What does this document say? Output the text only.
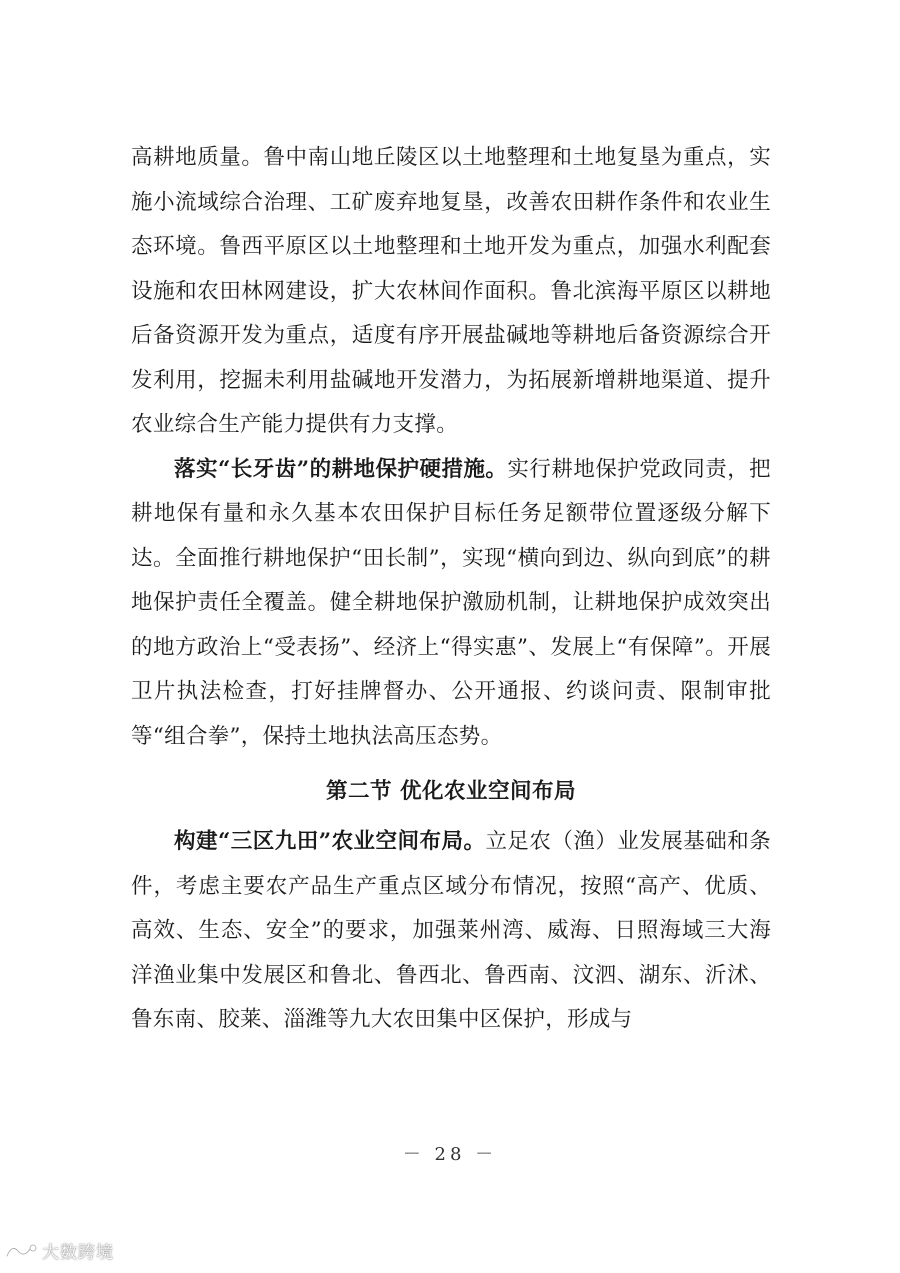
高耕地质量。鲁中南山地丘陵区以土地整理和土地复垦为重点，实施小流域综合治理、工矿废弃地复垦，改善农田耕作条件和农业生态环境。鲁西平原区以土地整理和土地开发为重点，加强水利配套设施和农田林网建设，扩大农林间作面积。鲁北滨海平原区以耕地后备资源开发为重点，适度有序开展盐碱地等耕地后备资源综合开发利用，挖掘未利用盐碱地开发潜力，为拓展新增耕地渠道、提升农业综合生产能力提供有力支撑。

落实“长牙齿”的耕地保护硬措施。实行耕地保护党政同责，把耕地保有量和永久基本农田保护目标任务足额带位置逐级分解下达。全面推行耕地保护“田长制”，实现“横向到边、纵向到底”的耕地保护责任全覆盖。健全耕地保护激励机制，让耕地保护成效突出的地方政治上“受表扬”、经济上“得实惠”、发展上“有保障”。开展卫片执法检查，打好挂牌督办、公开通报、约谈问责、限制审批等“组合拳”，保持土地执法高压态势。

第二节 优化农业空间布局

构建“三区九田”农业空间布局。立足农（渔）业发展基础和条件，考虑主要农产品生产重点区域分布情况，按照“高产、优质、高效、生态、安全”的要求，加强莱州湾、威海、日照海域三大海洋渔业集中发展区和鲁北、鲁西北、鲁西南、汶泗、湖东、沂沭、鲁东南、胶莱、淄潍等九大农田集中区保护，形成与

－ 28 －
大数跨境
